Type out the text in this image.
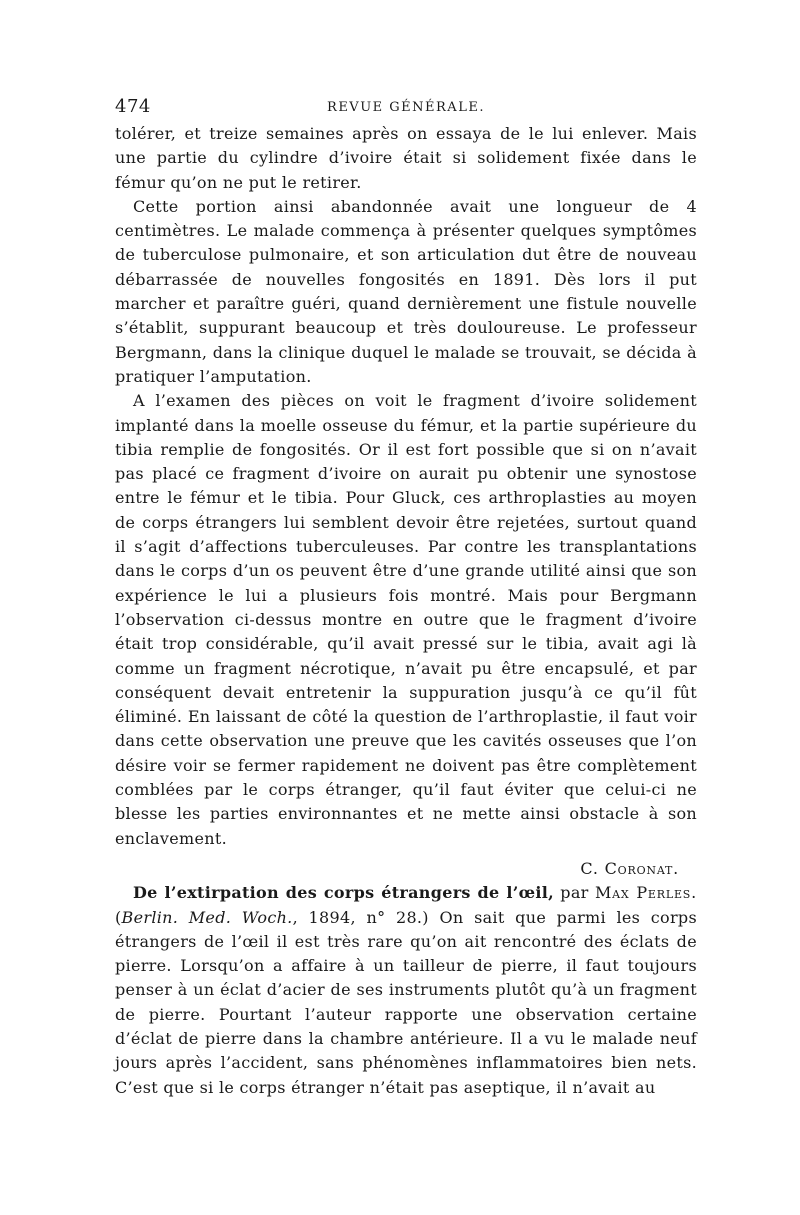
474	REVUE GÉNÉRALE.

tolérer, et treize semaines après on essaya de le lui enlever. Mais une partie du cylindre d’ivoire était si solidement fixée dans le fémur qu’on ne put le retirer.

Cette portion ainsi abandonnée avait une longueur de 4 centimètres. Le malade commença à présenter quelques symptômes de tuberculose pulmonaire, et son articulation dut être de nouveau débarrassée de nouvelles fongosités en 1891. Dès lors il put marcher et paraître guéri, quand dernièrement une fistule nouvelle s’établit, suppurant beaucoup et très douloureuse. Le professeur Bergmann, dans la clinique duquel le malade se trouvait, se décida à pratiquer l’amputation.

A l’examen des pièces on voit le fragment d’ivoire solidement implanté dans la moelle osseuse du fémur, et la partie supérieure du tibia remplie de fongosités. Or il est fort possible que si on n’avait pas placé ce fragment d’ivoire on aurait pu obtenir une synostose entre le fémur et le tibia. Pour Gluck, ces arthroplasties au moyen de corps étrangers lui semblent devoir être rejetées, surtout quand il s’agit d’affections tuberculeuses. Par contre les transplantations dans le corps d’un os peuvent être d’une grande utilité ainsi que son expérience le lui a plusieurs fois montré. Mais pour Bergmann l’observation ci-dessus montre en outre que le fragment d’ivoire était trop considérable, qu’il avait pressé sur le tibia, avait agi là comme un fragment nécrotique, n’avait pu être encapsulé, et par conséquent devait entretenir la suppuration jusqu’à ce qu’il fût éliminé. En laissant de côté la question de l’arthroplastie, il faut voir dans cette observation une preuve que les cavités osseuses que l’on désire voir se fermer rapidement ne doivent pas être complètement comblées par le corps étranger, qu’il faut éviter que celui-ci ne blesse les parties environnantes et ne mette ainsi obstacle à son enclavement.

C. Coronat.

De l’extirpation des corps étrangers de l’œil, par Max Perles. (Berlin. Med. Woch., 1894, n° 28.) On sait que parmi les corps étrangers de l’œil il est très rare qu’on ait rencontré des éclats de pierre. Lorsqu’on a affaire à un tailleur de pierre, il faut toujours penser à un éclat d’acier de ses instruments plutôt qu’à un fragment de pierre. Pourtant l’auteur rapporte une observation certaine d’éclat de pierre dans la chambre antérieure. Il a vu le malade neuf jours après l’accident, sans phénomènes inflammatoires bien nets. C’est que si le corps étranger n’était pas aseptique, il n’avait au
